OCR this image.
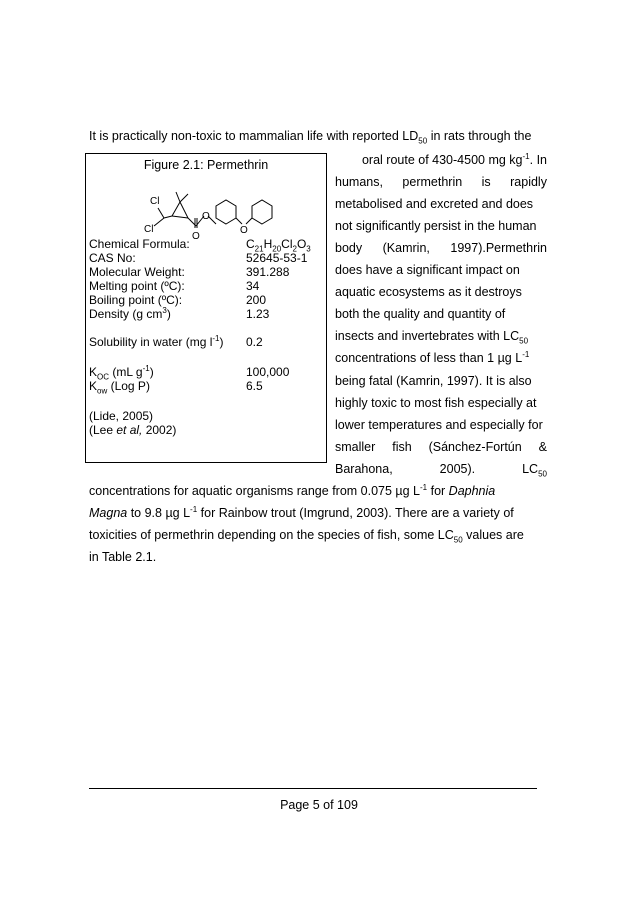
It is practically non-toxic to mammalian life with reported $LD_{50}$ in rats through the
oral route of 430-4500 mg $kg^{-1}$. In
humans, permethrin is rapidly
metabolised and excreted and does
not significantly persist in the human
body (Kamrin, 1997).Permethrin
does have a significant impact on
aquatic ecosystems as it destroys
both the quality and quantity of
insects and invertebrates with $LC_{50}$
concentrations of less than 1 µg $L^{-1}$
being fatal (Kamrin, 1997). It is also
highly toxic to most fish especially at
lower temperatures and especially for
smaller fish (Sánchez-Fortún &
Barahona,	2005).	$LC_{50}$
concentrations for aquatic organisms range from 0.075 µg $L^{-1}$ for Daphnia
Magna to 9.8 µg $L^{-1}$ for Rainbow trout (Imgrund, 2003). There are a variety of
toxicities of permethrin depending on the species of fish, some $LC_{50}$ values are
in Table 2.1.
Figure 2.1: Permethrin
Cl
Cl
O
O
O
Chemical Formula:	$C_{21}H_{20}Cl_2O_3$
CAS No:	52645-53-1
Molecular Weight:	391.288
Melting point (ºC):	34
Boiling point (ºC):	200
Density (g $cm^3$)	1.23
Solubility in water (mg $l^{-1}$) 0.2
$K_{OC}$ (mL $g^{-1}$)	100,000
$K_{ow}$ (Log P)	6.5
(Lide, 2005)
(Lee et al, 2002)
Page 5 of 109
